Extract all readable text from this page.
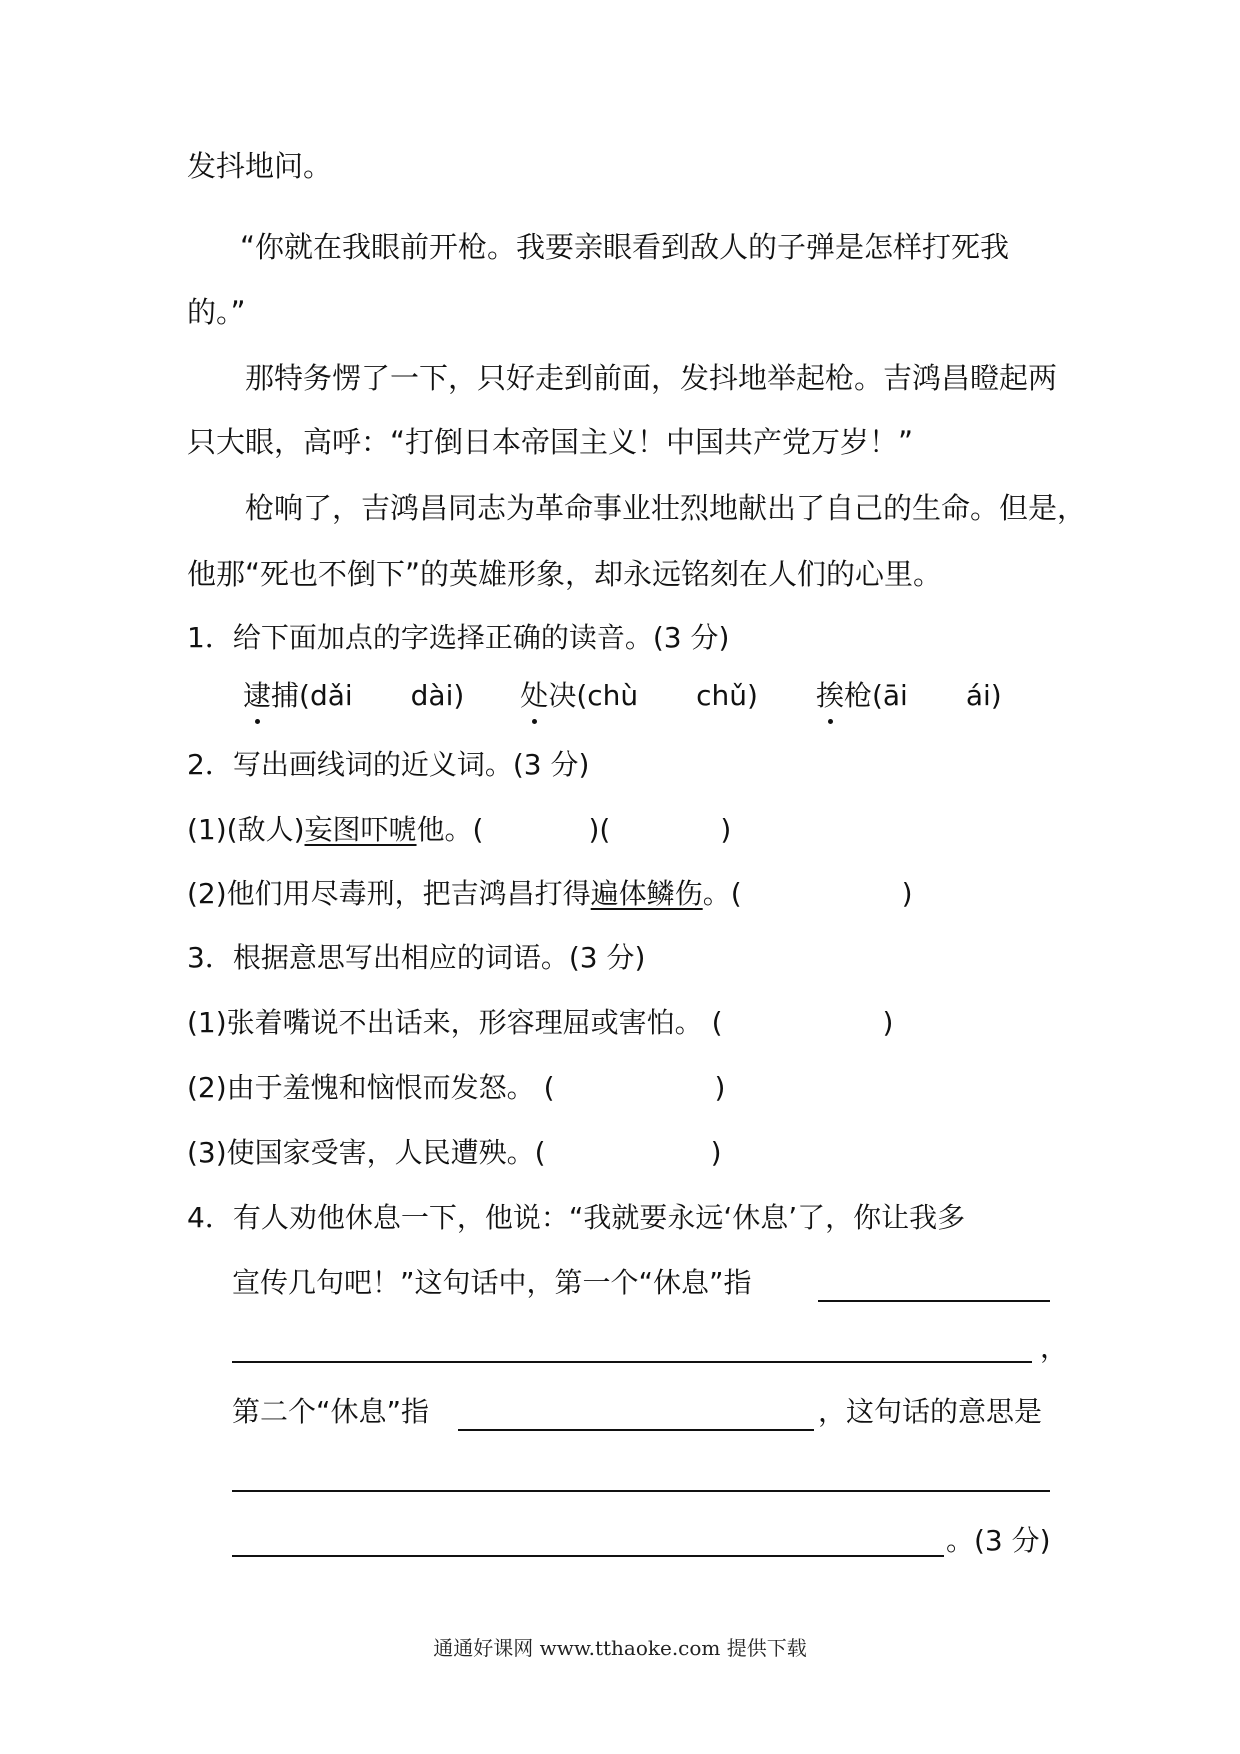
发抖地问。
“你就在我眼前开枪。我要亲眼看到敌人的子弹是怎样打死我
的。”
那特务愣了一下，只好走到前面，发抖地举起枪。吉鸿昌瞪起两
只大眼，高呼：“打倒日本帝国主义！中国共产党万岁！”
枪响了，吉鸿昌同志为革命事业壮烈地献出了自己的生命。但是，
他那“死也不倒下”的英雄形象，却永远铭刻在人们的心里。
1．给下面加点的字选择正确的读音。(3 分)
逮捕(dǎi dài) 处决(chù chǔ) 挨枪(āi ái)
2．写出画线词的近义词。(3 分)
(1)(敌人)妄图吓唬他。(	)(	)
(2)他们用尽毒刑，把吉鸿昌打得遍体鳞伤。(	)
3．根据意思写出相应的词语。(3 分)
(1)张着嘴说不出话来，形容理屈或害怕。 (	)
(2)由于羞愧和恼恨而发怒。 (	)
(3)使国家受害，人民遭殃。(	)
4．有人劝他休息一下，他说：“我就要永远‘休息’了，你让我多
宣传几句吧！”这句话中，第一个“休息”指
，
第二个“休息”指	，这句话的意思是
。(3 分)
通通好课网 www.tthaoke.com 提供下载
